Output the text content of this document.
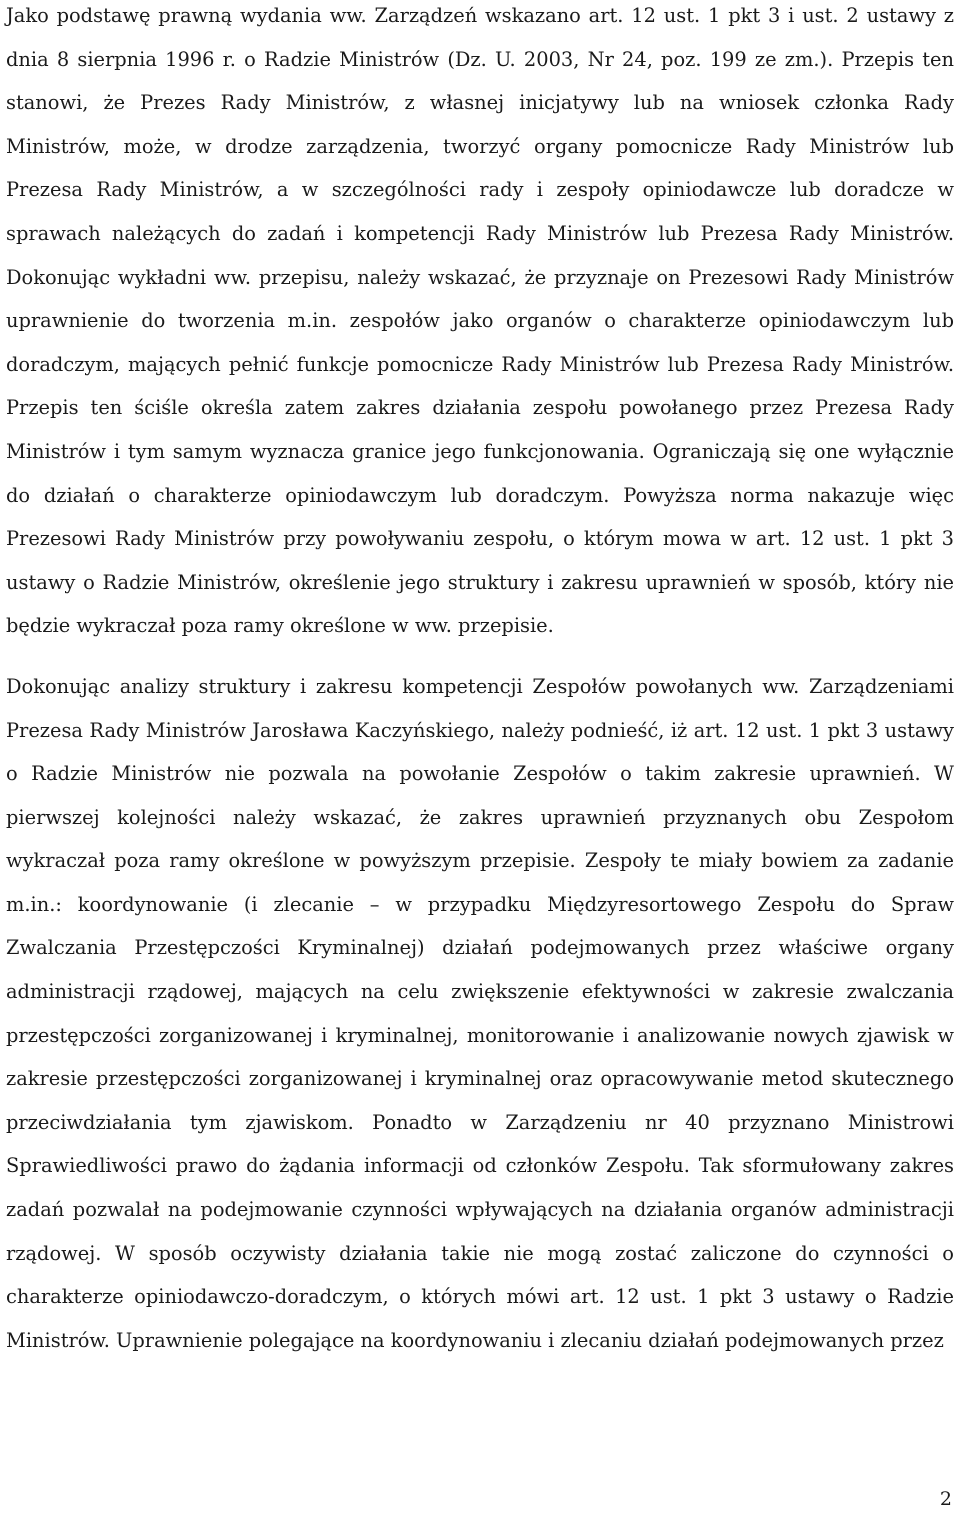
Jako podstawę prawną wydania ww. Zarządzeń wskazano art. 12 ust. 1 pkt 3 i ust. 2 ustawy z dnia 8 sierpnia 1996 r. o Radzie Ministrów (Dz. U. 2003, Nr 24, poz. 199 ze zm.). Przepis ten stanowi, że Prezes Rady Ministrów, z własnej inicjatywy lub na wniosek członka Rady Ministrów, może, w drodze zarządzenia, tworzyć organy pomocnicze Rady Ministrów lub Prezesa Rady Ministrów, a w szczególności rady i zespoły opiniodawcze lub doradcze w sprawach należących do zadań i kompetencji Rady Ministrów lub Prezesa Rady Ministrów. Dokonując wykładni ww. przepisu, należy wskazać, że przyznaje on Prezesowi Rady Ministrów uprawnienie do tworzenia m.in. zespołów jako organów o charakterze opiniodawczym lub doradczym, mających pełnić funkcje pomocnicze Rady Ministrów lub Prezesa Rady Ministrów. Przepis ten ściśle określa zatem zakres działania zespołu powołanego przez Prezesa Rady Ministrów i tym samym wyznacza granice jego funkcjonowania. Ograniczają się one wyłącznie do działań o charakterze opiniodawczym lub doradczym. Powyższa norma nakazuje więc Prezesowi Rady Ministrów przy powoływaniu zespołu, o którym mowa w art. 12 ust. 1 pkt 3 ustawy o Radzie Ministrów, określenie jego struktury i zakresu uprawnień w sposób, który nie będzie wykraczał poza ramy określone w ww. przepisie.

Dokonując analizy struktury i zakresu kompetencji Zespołów powołanych ww. Zarządzeniami Prezesa Rady Ministrów Jarosława Kaczyńskiego, należy podnieść, iż art. 12 ust. 1 pkt 3 ustawy o Radzie Ministrów nie pozwala na powołanie Zespołów o takim zakresie uprawnień. W pierwszej kolejności należy wskazać, że zakres uprawnień przyznanych obu Zespołom wykraczał poza ramy określone w powyższym przepisie. Zespoły te miały bowiem za zadanie m.in.: koordynowanie (i zlecanie – w przypadku Międzyresortowego Zespołu do Spraw Zwalczania Przestępczości Kryminalnej) działań podejmowanych przez właściwe organy administracji rządowej, mających na celu zwiększenie efektywności w zakresie zwalczania przestępczości zorganizowanej i kryminalnej, monitorowanie i analizowanie nowych zjawisk w zakresie przestępczości zorganizowanej i kryminalnej oraz opracowywanie metod skutecznego przeciwdziałania tym zjawiskom. Ponadto w Zarządzeniu nr 40 przyznano Ministrowi Sprawiedliwości prawo do żądania informacji od członków Zespołu. Tak sformułowany zakres zadań pozwalał na podejmowanie czynności wpływających na działania organów administracji rządowej. W sposób oczywisty działania takie nie mogą zostać zaliczone do czynności o charakterze opiniodawczo-doradczym, o których mówi art. 12 ust. 1 pkt 3 ustawy o Radzie Ministrów. Uprawnienie polegające na koordynowaniu i zlecaniu działań podejmowanych przez

2
